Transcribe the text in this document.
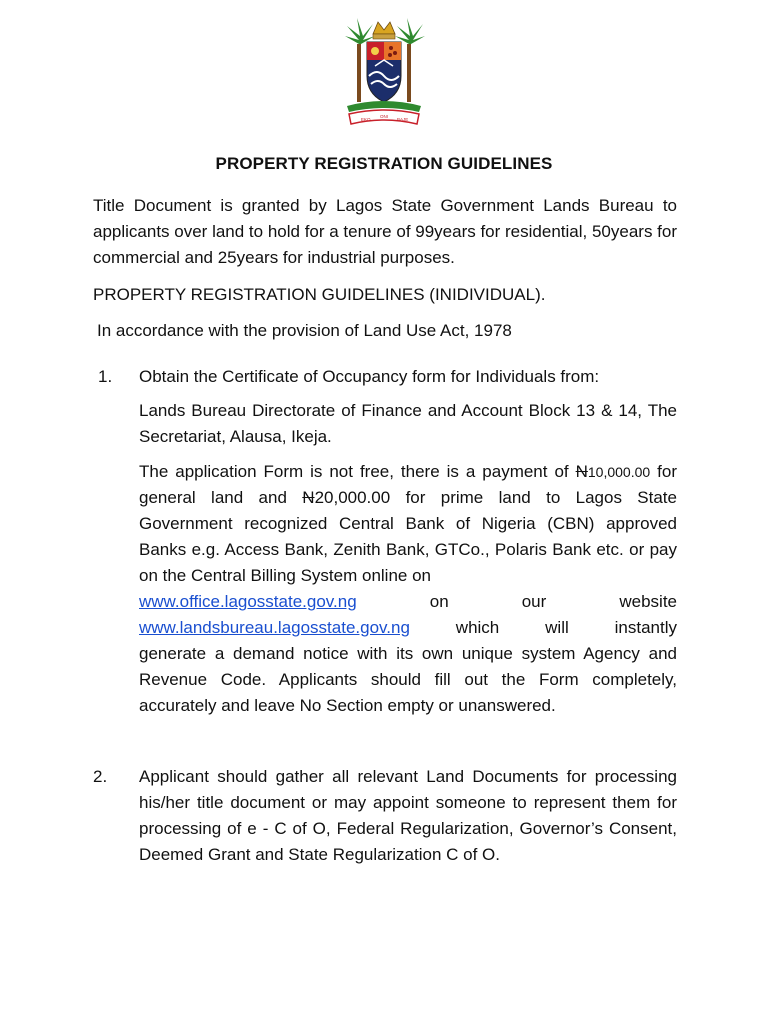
EKO
ONI
BAJE
PROPERTY REGISTRATION GUIDELINES
Title Document is granted by Lagos State Government Lands Bureau to applicants over land to hold for a tenure of 99years for residential, 50years for commercial and 25years for industrial purposes.
PROPERTY REGISTRATION GUIDELINES (INIDIVIDUAL).
In accordance with the provision of Land Use Act, 1978
1. Obtain the Certificate of Occupancy form for Individuals from:
Lands Bureau Directorate of Finance and Account Block 13 & 14, The Secretariat, Alausa, Ikeja.
The application Form is not free, there is a payment of N10,000.00 for general land and N20,000.00 for prime land to Lagos State Government recognized Central Bank of Nigeria (CBN) approved Banks e.g. Access Bank, Zenith Bank, GTCo., Polaris Bank etc. or pay on the Central Billing System online on
www.office.lagosstate.gov.ng	on	our	website
www.landsbureau.lagosstate.gov.ng	which	will	instantly
generate a demand notice with its own unique system Agency and Revenue Code. Applicants should fill out the Form completely, accurately and leave No Section empty or unanswered.
2. Applicant should gather all relevant Land Documents for processing his/her title document or may appoint someone to represent them for processing of e - C of O, Federal Regularization, Governor’s Consent, Deemed Grant and State Regularization C of O.
